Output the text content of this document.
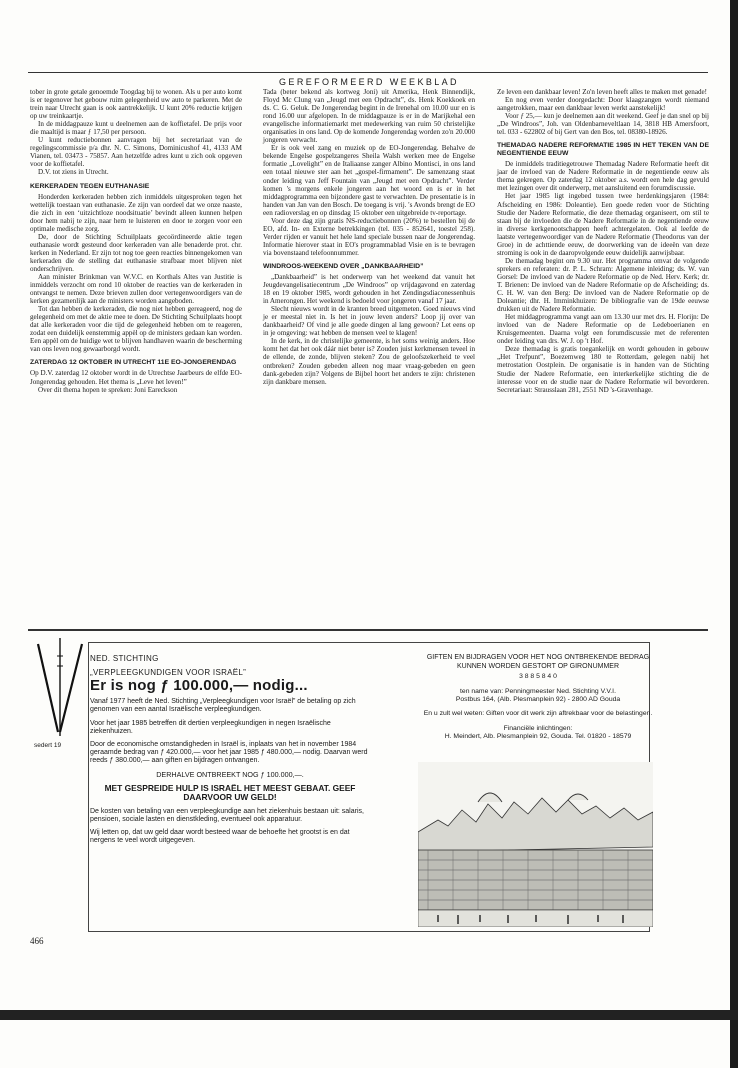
GEREFORMEERD WEEKBLAD

tober in grote getale genoemde Toogdag bij te wonen. Als u per auto komt is er tegenover het gebouw ruim gelegenheid uw auto te parkeren. Met de trein naar Utrecht gaan is ook aantrekkelijk. U kunt 20% reductie krijgen op uw treinkaartje.

In de middagpauze kunt u deelnemen aan de koffietafel. De prijs voor die maaltijd is maar ƒ 17,50 per persoon.

U kunt reductiebonnen aanvragen bij het secretariaat van de regelingscommissie p/a dhr. N. C. Simons, Dominicushof 41, 4133 AM Vianen, tel. 03473 - 75857. Aan hetzelfde adres kunt u zich ook opgeven voor de koffietafel.

D.V. tot ziens in Utrecht.

KERKERADEN TEGEN EUTHANASIE

Honderden kerkeraden hebben zich inmiddels uitgesproken tegen het wettelijk toestaan van euthanasie. Ze zijn van oordeel dat we onze naaste, die zich in een ‘uitzichtloze noodsituatie’ bevindt alleen kunnen helpen door hem nabij te zijn, naar hem te luisteren en door te zorgen voor een optimale medische zorg.

De, door de Stichting Schuilplaats gecoördineerde aktie tegen euthanasie wordt gesteund door kerkeraden van alle benaderde prot. chr. kerken in Nederland. Er zijn tot nog toe geen reacties binnengekomen van kerkeraden die de stelling dat euthanasie strafbaar moet blijven niet onderschrijven.

Aan minister Brinkman van W.V.C. en Korthals Altes van Justitie is inmiddels verzocht om rond 10 oktober de reacties van de kerkeraden in ontvangst te nemen. Deze brieven zullen door vertegenwoordigers van de kerken gezamenlijk aan de ministers worden aangeboden.

Tot dan hebben de kerkeraden, die nog niet hebben gereageerd, nog de gelegenheid om met de aktie mee te doen. De Stichting Schuilplaats hoopt dat alle kerkeraden voor die tijd de gelegenheid hebben om te reageren, zodat een duidelijk eenstemmig appèl op de ministers gedaan kan worden. Een appèl om de huidige wet te blijven handhaven waarin de bescherming van ons leven nog gewaarborgd wordt.

ZATERDAG 12 OKTOBER IN UTRECHT 11E EO-JONGERENDAG

Op D.V. zaterdag 12 oktober wordt in de Utrechtse Jaarbeurs de elfde EO-Jongerendag gehouden. Het thema is „Leve het leven!”

Over dit thema hopen te spreken: Joni Eareckson

Tada (beter bekend als kortweg Joni) uit Amerika, Henk Binnendijk, Floyd Mc Clung van „Jeugd met een Opdracht”, ds. Henk Koekkoek en ds. C. G. Geluk. De Jongerendag begint in de Irenehal om 10.00 uur en is rond 16.00 uur afgelopen. In de middagpauze is er in de Marijkehal een evangelische informatiemarkt met medewerking van ruim 50 christelijke organisaties in ons land. Op de komende Jongerendag worden zo'n 20.000 jongeren verwacht.

Er is ook veel zang en muziek op de EO-Jongerendag. Behalve de bekende Engelse gospelzangeres Sheila Walsh werken mee de Engelse formatie „Lovelight” en de Italiaanse zanger Albino Montisci, in ons land een totaal nieuwe ster aan het „gospel-firmament”. De samenzang staat onder leiding van Jeff Fountain van „Jeugd met een Opdracht”. Verder komen 's morgens enkele jongeren aan het woord en is er in het middagprogramma een bijzondere gast te verwachten. De presentatie is in handen van Jan van den Bosch. De toegang is vrij. 's Avonds brengt de EO een radioverslag en op dinsdag 15 oktober een uitgebreide tv-reportage.

Voor deze dag zijn gratis NS-reductiebonnen (20%) te bestellen bij de EO, afd. In- en Externe betrekkingen (tel. 035 - 852641, toestel 258). Verder rijden er vanuit het hele land speciale bussen naar de Jongerendag. Informatie hierover staat in EO's programmablad Visie en is te bevragen via bovenstaand telefoonnummer.

WINDROOS-WEEKEND OVER „DANKBAARHEID”

„Dankbaarheid” is het onderwerp van het weekend dat vanuit het Jeugdevangelisatiecentrum „De Windroos” op vrijdagavond en zaterdag 18 en 19 oktober 1985, wordt gehouden in het Zendingsdiaconessenhuis in Amerongen. Het weekend is bedoeld voor jongeren vanaf 17 jaar.

Slecht nieuws wordt in de kranten breed uitgemeten. Goed nieuws vind je er meestal niet in. Is het in jouw leven anders? Loop jij over van dankbaarheid? Of vind je alle goede dingen al lang gewoon? Let eens op in je omgeving: wat hebben de mensen veel te klagen!

In de kerk, in de christelijke gemeente, is het soms weinig anders. Hoe komt het dat het ook dáár niet beter is? Zouden juist kerkmensen teveel in de ellende, de zonde, blijven steken? Zou de geloofszekerheid te veel ontbreken? Zouden gebeden alleen nog maar vraag-gebeden en geen dank-gebeden zijn? Volgens de Bijbel hoort het anders te zijn: christenen zijn dankbare mensen.

Ze leven een dankbaar leven! Zo'n leven heeft alles te maken met genade!

En nog even verder doorgedacht: Door klaagzangen wordt niemand aangetrokken, maar een dankbaar leven werkt aanstekelijk!

Voor ƒ 25,— kun je deelnemen aan dit weekend. Geef je dan snel op bij „De Windroos”, Joh. van Oldenbarneveltlaan 14, 3818 HB Amersfoort, tel. 033 - 622802 of bij Gert van den Bos, tel. 08380-18926.

THEMADAG NADERE REFORMATIE 1985 IN HET TEKEN VAN DE NEGENTIENDE EEUW

De inmiddels traditiegetrouwe Themadag Nadere Reformatie heeft dit jaar de invloed van de Nadere Reformatie in de negentiende eeuw als thema gekregen. Op zaterdag 12 oktober a.s. wordt een hele dag gevuld met lezingen over dit onderwerp, met aansluitend een forumdiscussie.

Het jaar 1985 ligt ingebed tussen twee herdenkingsjaren (1984: Afscheiding en 1986: Doleantie). Een goede reden voor de Stichting Studie der Nadere Reformatie, die deze themadag organiseert, om stil te staan bij de invloeden die de Nadere Reformatie in de negentiende eeuw in diverse kerkgenootschappen heeft achtergelaten. Ook al leefde de laatste vertegenwoordiger van de Nadere Reformatie (Theodorus van der Groe) in de achttiende eeuw, de doorwerking van de ideeën van deze stroming is ook in de daaropvolgende eeuw duidelijk aanwijsbaar.

De themadag begint om 9.30 uur. Het programma omvat de volgende sprekers en referaten: dr. P. L. Schram: Algemene inleiding; ds. W. van Gorsel: De invloed van de Nadere Reformatie op de Ned. Herv. Kerk; dr. T. Brienen: De invloed van de Nadere Reformatie op de Afscheiding; ds. C. H. W. van den Berg: De invloed van de Nadere Reformatie op de Doleantie; dhr. H. Imminkhuizen: De bibliografie van de 19de eeuwse drukken uit de Nadere Reformatie.

Het middagprogramma vangt aan om 13.30 uur met drs. H. Florijn: De invloed van de Nadere Reformatie op de Ledeboerianen en Kruisgemeenten. Daarna volgt een forumdiscussie met de referenten onder leiding van drs. W. J. op 't Hof.

Deze themadag is gratis toegankelijk en wordt gehouden in gebouw „Het Trefpunt”, Boezemweg 180 te Rotterdam, gelegen nabij het metrostation Oostplein. De organisatie is in handen van de Stichting Studie der Nadere Reformatie, een interkerkelijke stichting die de interesse voor en de studie naar de Nadere Reformatie wil bevorderen. Secretariaat: Strausslaan 281, 2551 ND 's-Gravenhage.

sedert 19

NED. STICHTING

„VERPLEEGKUNDIGEN VOOR ISRAËL”

Er is nog ƒ 100.000,— nodig...

Vanaf 1977 heeft de Ned. Stichting „Verpleegkundigen voor Israël” de betaling op zich genomen van een aantal Israëlische verpleegkundigen.

Voor het jaar 1985 betreffen dit dertien verpleegkundigen in negen Israëlische ziekenhuizen.

Door de economische omstandigheden in Israël is, inplaats van het in november 1984 geraamde bedrag van ƒ 420.000,— voor het jaar 1985 ƒ 480.000,— nodig. Daarvan werd reeds ƒ 380.000,— aan giften en bijdragen ontvangen.

DERHALVE ONTBREEKT NOG ƒ 100.000,—.

MET GESPREIDE HULP IS ISRAËL HET MEEST GEBAAT. GEEF DAARVOOR UW GELD!

De kosten van betaling van een verpleegkundige aan het ziekenhuis bestaan uit: salaris, pensioen, sociale lasten en dienstkleding, eventueel ook apparatuur.

Wij letten op, dat uw geld daar wordt besteed waar de behoefte het grootst is en dat nergens te veel wordt uitgegeven.

GIFTEN EN BIJDRAGEN VOOR HET NOG ONTBREKENDE BEDRAG KUNNEN WORDEN GESTORT OP GIRONUMMER

3 8 8 5 8 4 0

ten name van: Penningmeester Ned. Stichting V.V.I.

Postbus 164, (Alb. Plesmanplein 92) - 2800 AD Gouda

En u zult wel weten: Giften voor dit werk zijn aftrekbaar voor de belastingen.

Financiële inlichtingen:

H. Meindert, Alb. Plesmanplein 92, Gouda. Tel. 01820 - 18579

466
